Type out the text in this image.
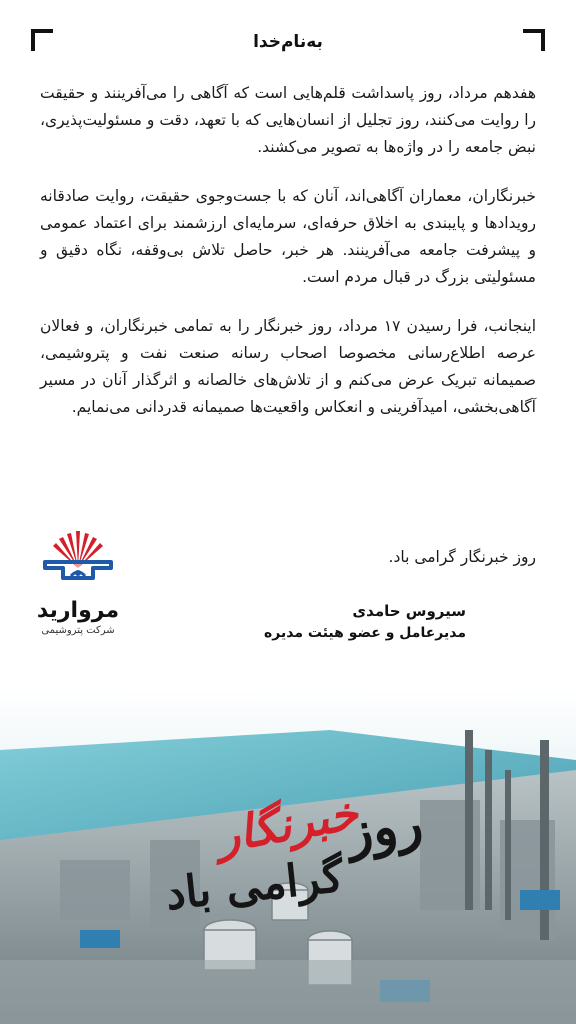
به‌نام‌خدا

هفدهم مرداد، روز پاسداشت قلم‌هایی است که آگاهی را می‌آفرینند و حقیقت را روایت می‌کنند، روز تجلیل از انسان‌هایی که با تعهد، دقت و مسئولیت‌پذیری، نبض جامعه را در واژه‌ها به تصویر می‌کشند.

خبرنگاران، معماران آگاهی‌اند، آنان که با جست‌وجوی حقیقت، روایت صادقانه رویدادها و پایبندی به اخلاق حرفه‌ای، سرمایه‌ای ارزشمند برای اعتماد عمومی و پیشرفت جامعه می‌آفرینند. هر خبر، حاصل تلاش بی‌وقفه، نگاه دقیق و مسئولیتی بزرگ در قبال مردم است.

اینجانب، فرا رسیدن ۱۷ مرداد، روز خبرنگار را به تمامی خبرنگاران، و فعالان عرصه اطلاع‌رسانی مخصوصا اصحاب رسانه صنعت نفت و پتروشیمی، صمیمانه تبریک عرض می‌کنم و از تلاش‌های خالصانه و اثرگذار آنان در مسیر آگاهی‌بخشی، امیدآفرینی و انعکاس واقعیت‌ها صمیمانه قدردانی می‌نمایم.

روز خبرنگار گرامی باد.
سیروس حامدی
مدیرعامل و عضو هیئت مدیره
مروارید
شرکت پتروشیمی
روز
خبرنگار
گرامی باد
